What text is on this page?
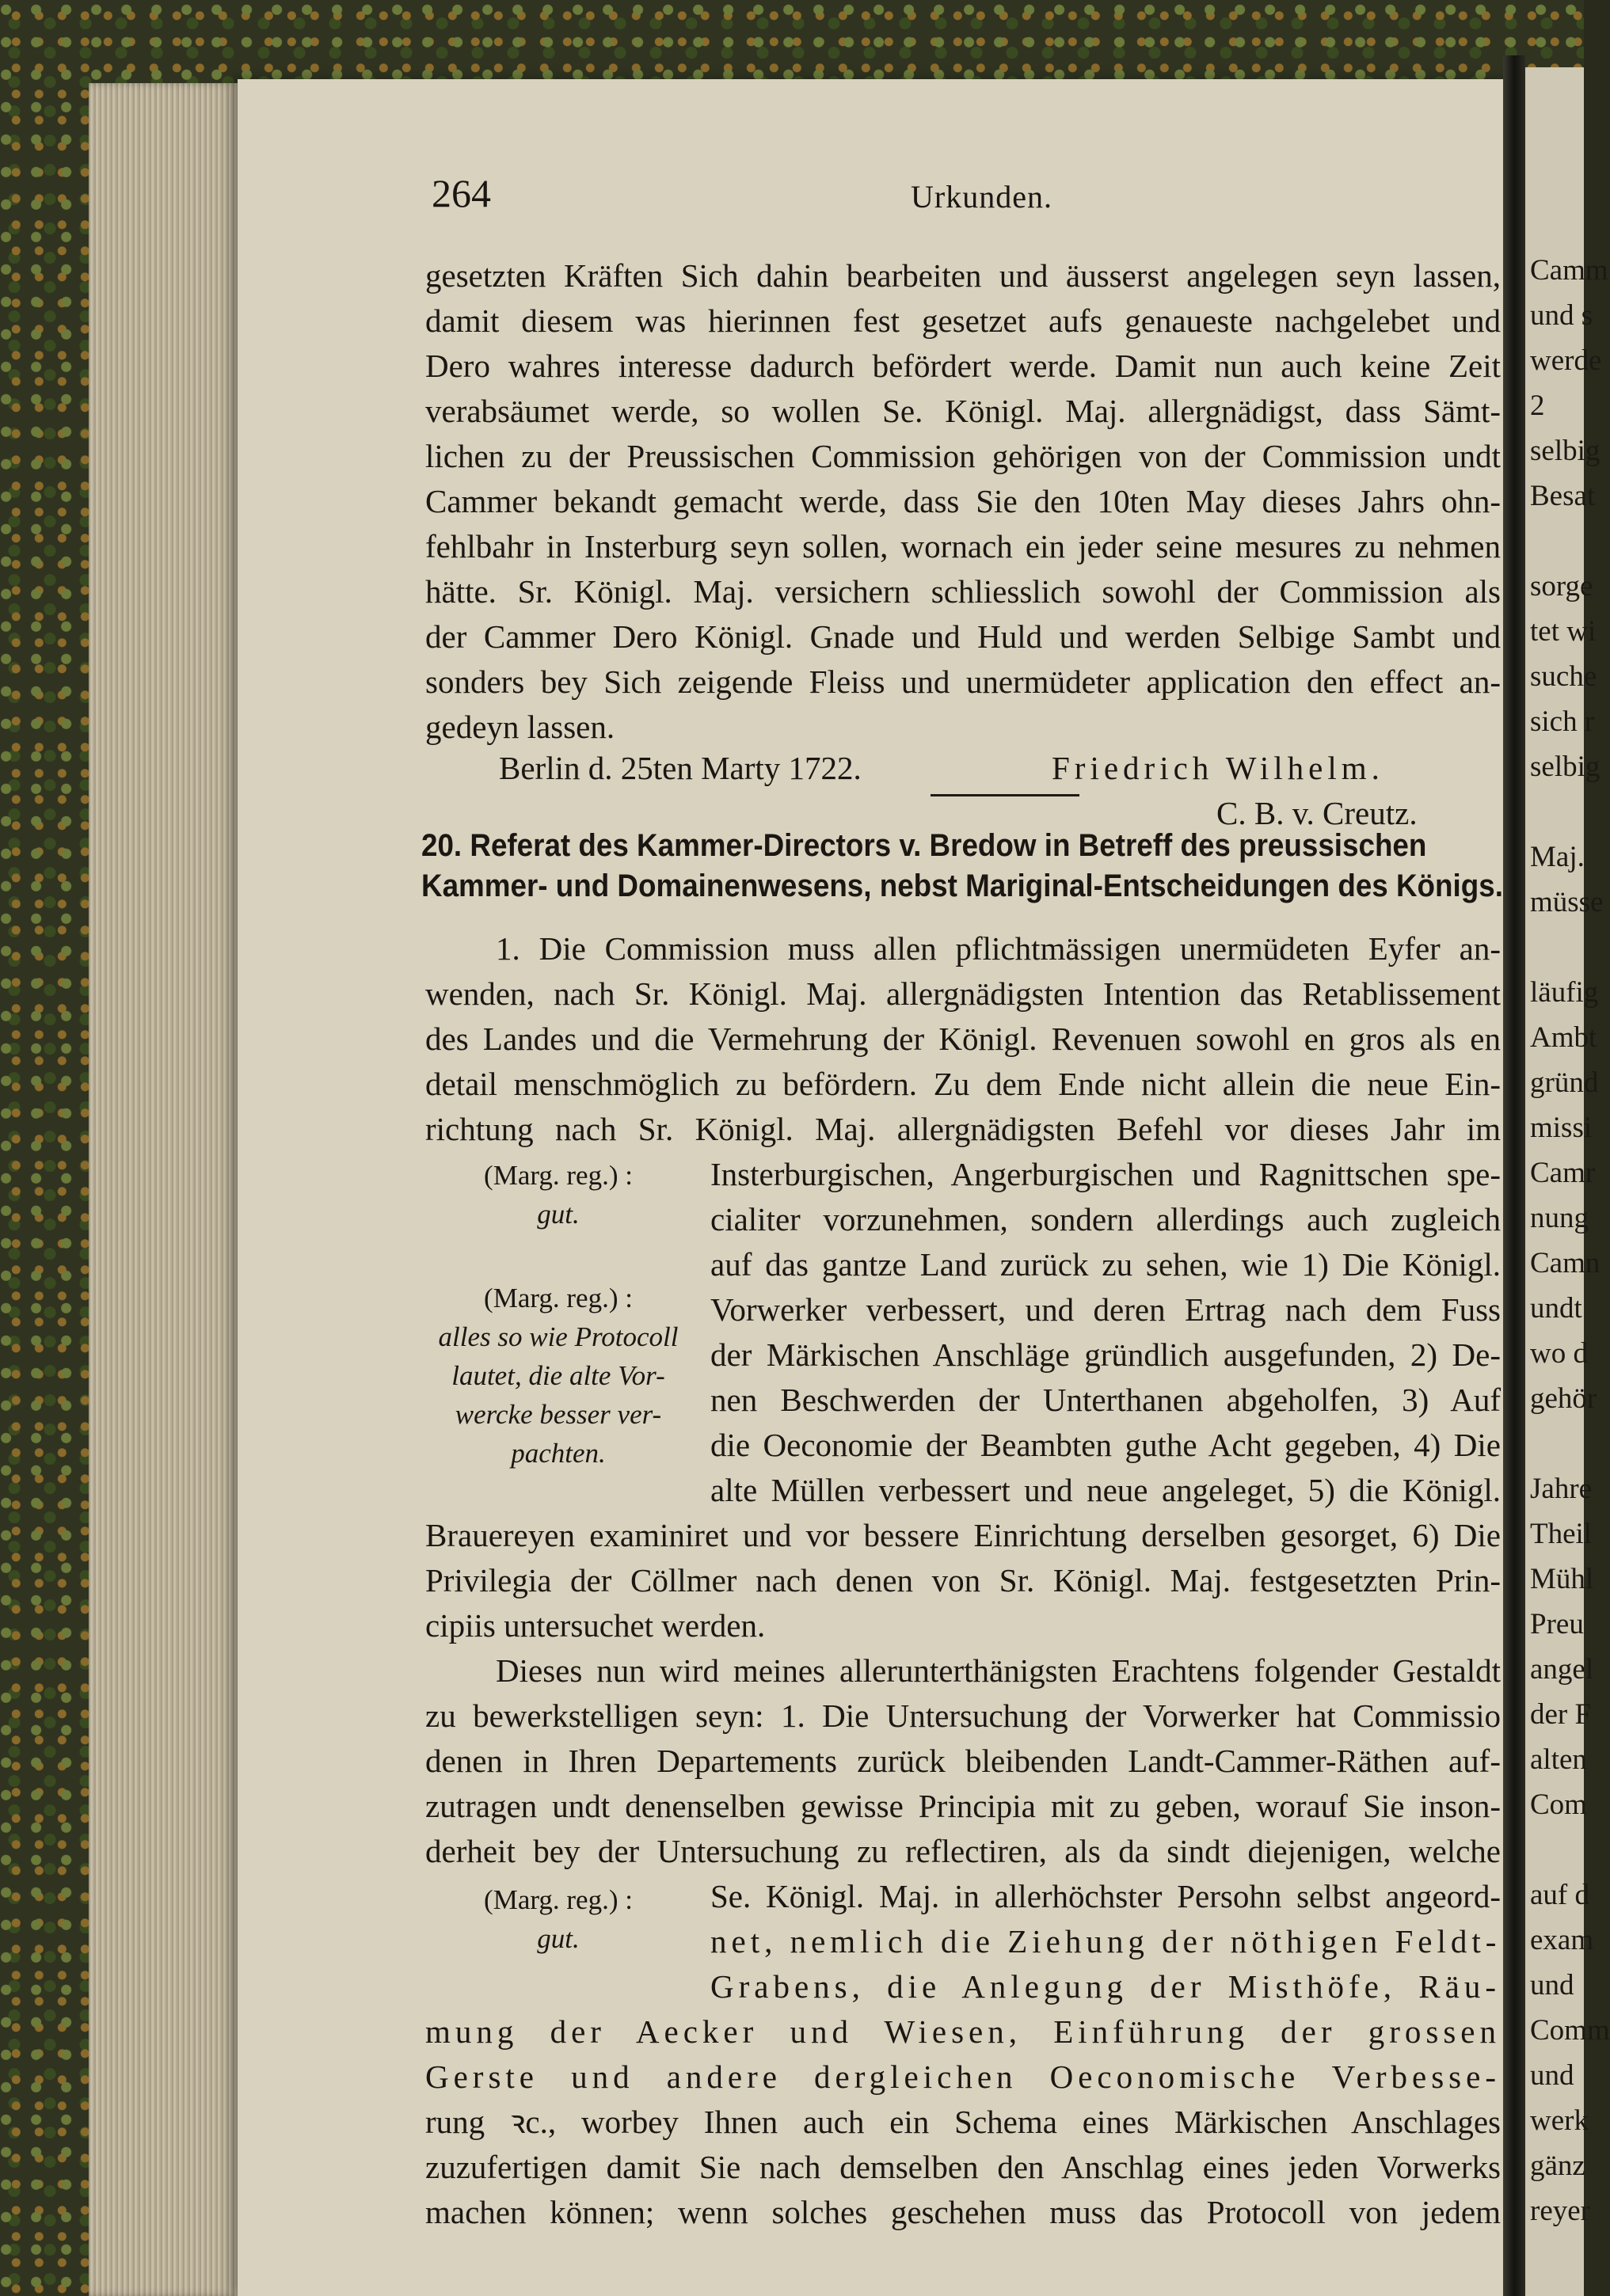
Camm
und s
werde
2
selbig
Besat
sorge
tet wi
suche
sich r
selbig
Maj.
müsse
läufig
Ambt
gründ
missi
Camr
nung
Camn
undt
wo d
gehör
Jahre
Theil
Mühl
Preu
angel
der F
alten
Com
auf d
exam
und
Comm
und
werk
gänz
reyer
264	Urkunden.
gesetzten Kräften Sich dahin bearbeiten und äusserst angelegen seyn lassen,
damit diesem was hierinnen fest gesetzet aufs genaueste nachgelebet und
Dero wahres interesse dadurch befördert werde. Damit nun auch keine Zeit
verabsäumet werde, so wollen Se. Königl. Maj. allergnädigst, dass Sämt-
lichen zu der Preussischen Commission gehörigen von der Commission undt
Cammer bekandt gemacht werde, dass Sie den 10ten May dieses Jahrs ohn-
fehlbahr in Insterburg seyn sollen, wornach ein jeder seine mesures zu nehmen
hätte. Sr. Königl. Maj. versichern schliesslich sowohl der Commission als
der Cammer Dero Königl. Gnade und Huld und werden Selbige Sambt und
sonders bey Sich zeigende Fleiss und unermüdeter application den effect an-
gedeyn lassen.
Berlin d. 25ten Marty 1722.	Friedrich Wilhelm.
C. B. v. Creutz.
20. Referat des Kammer-Directors v. Bredow in Betreff des preussischen
Kammer- und Domainenwesens, nebst Mariginal-Entscheidungen des Königs.
1. Die Commission muss allen pflichtmässigen unermüdeten Eyfer an-
wenden, nach Sr. Königl. Maj. allergnädigsten Intention das Retablissement
des Landes und die Vermehrung der Königl. Revenuen sowohl en gros als en
detail menschmöglich zu befördern. Zu dem Ende nicht allein die neue Ein-
richtung nach Sr. Königl. Maj. allergnädigsten Befehl vor dieses Jahr im
Insterburgischen, Angerburgischen und Ragnittschen spe-
cialiter vorzunehmen, sondern allerdings auch zugleich
auf das gantze Land zurück zu sehen, wie 1) Die Königl.
Vorwerker verbessert, und deren Ertrag nach dem Fuss
der Märkischen Anschläge gründlich ausgefunden, 2) De-
nen Beschwerden der Unterthanen abgeholfen, 3) Auf
die Oeconomie der Beambten guthe Acht gegeben, 4) Die
alte Müllen verbessert und neue angeleget, 5) die Königl.
(Marg. reg.) :
gut.
(Marg. reg.) :
alles so wie Protocoll
lautet, die alte Vor-
wercke besser ver-
pachten.
Brauereyen examiniret und vor bessere Einrichtung derselben gesorget, 6) Die
Privilegia der Cöllmer nach denen von Sr. Königl. Maj. festgesetzten Prin-
cipiis untersuchet werden.
Dieses nun wird meines allerunterthänigsten Erachtens folgender Gestaldt
zu bewerkstelligen seyn: 1. Die Untersuchung der Vorwerker hat Commissio
denen in Ihren Departements zurück bleibenden Landt-Cammer-Räthen auf-
zutragen undt denenselben gewisse Principia mit zu geben, worauf Sie inson-
derheit bey der Untersuchung zu reflectiren, als da sindt diejenigen, welche
Se. Königl. Maj. in allerhöchster Persohn selbst angeord-
net, nemlich die Ziehung der nöthigen Feldt-
Grabens, die Anlegung der Misthöfe, Räu-
(Marg. reg.) :
gut.
mung der Aecker und Wiesen, Einführung der grossen
Gerste und andere dergleichen Oeconomische Verbesse-
rung ꝛc., worbey Ihnen auch ein Schema eines Märkischen Anschlages
zuzufertigen damit Sie nach demselben den Anschlag eines jeden Vorwerks
machen können; wenn solches geschehen muss das Protocoll von jedem
